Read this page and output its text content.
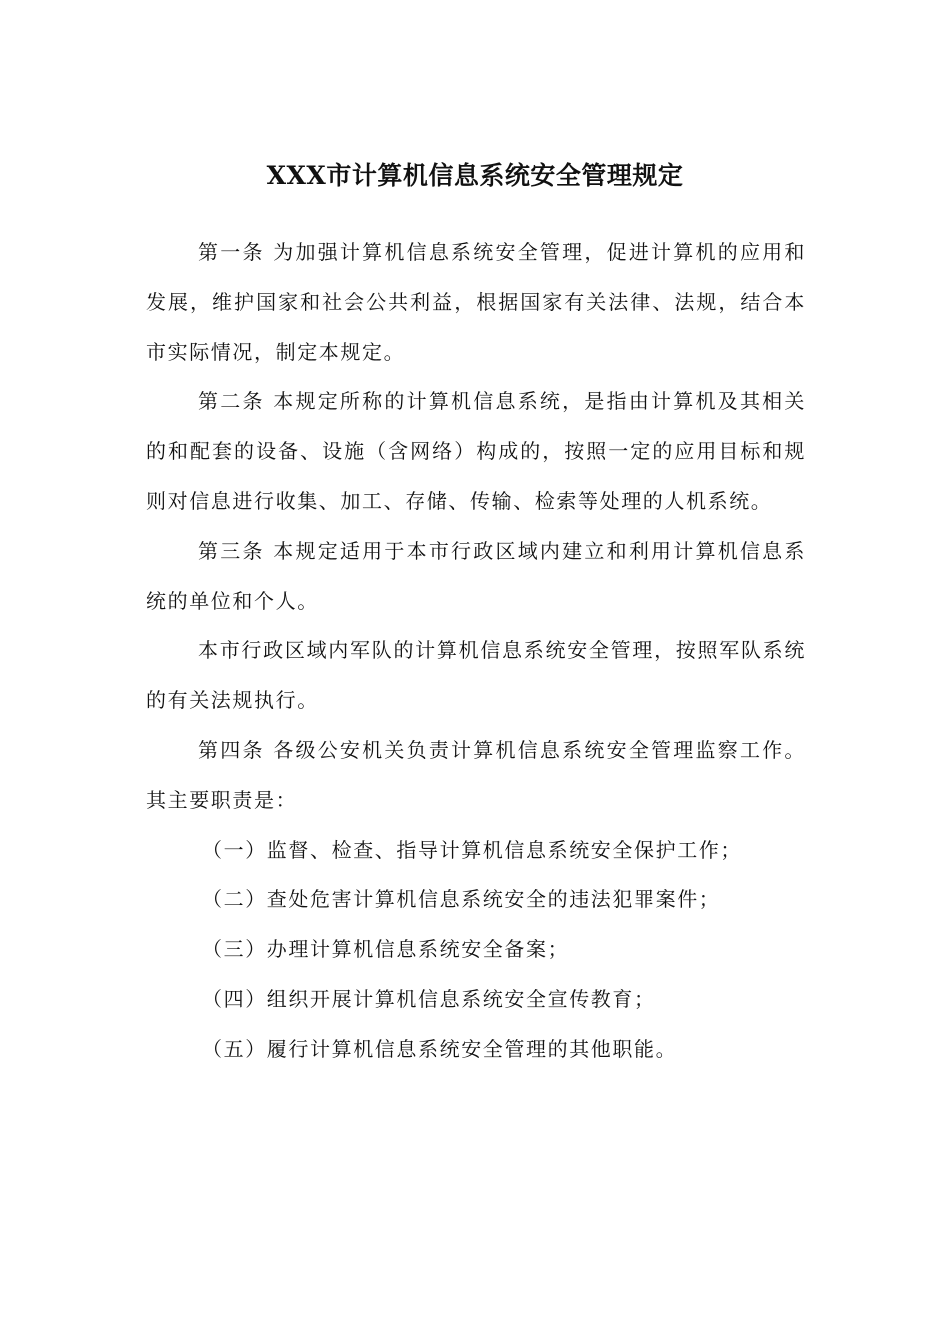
XXX市计算机信息系统安全管理规定

第一条 为加强计算机信息系统安全管理，促进计算机的应用和发展，维护国家和社会公共利益，根据国家有关法律、法规，结合本市实际情况，制定本规定。

第二条 本规定所称的计算机信息系统，是指由计算机及其相关的和配套的设备、设施（含网络）构成的，按照一定的应用目标和规则对信息进行收集、加工、存储、传输、检索等处理的人机系统。

第三条 本规定适用于本市行政区域内建立和利用计算机信息系统的单位和个人。

本市行政区域内军队的计算机信息系统安全管理，按照军队系统的有关法规执行。

第四条 各级公安机关负责计算机信息系统安全管理监察工作。其主要职责是：

（一）监督、检查、指导计算机信息系统安全保护工作；

（二）查处危害计算机信息系统安全的违法犯罪案件；

（三）办理计算机信息系统安全备案；

（四）组织开展计算机信息系统安全宣传教育；

（五）履行计算机信息系统安全管理的其他职能。
